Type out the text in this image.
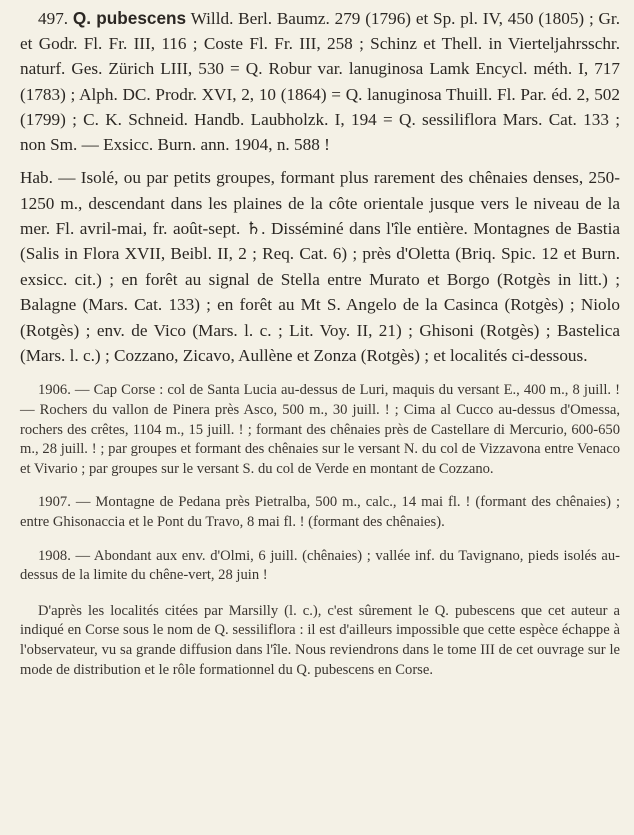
497. Q. pubescens Willd. Berl. Baumz. 279 (1796) et Sp. pl. IV, 450 (1805) ; Gr. et Godr. Fl. Fr. III, 116 ; Coste Fl. Fr. III, 258 ; Schinz et Thell. in Vierteljahrsschr. naturf. Ges. Zürich LIII, 530 = Q. Robur var. lanuginosa Lamk Encycl. méth. I, 717 (1783) ; Alph. DC. Prodr. XVI, 2, 10 (1864) = Q. lanuginosa Thuill. Fl. Par. éd. 2, 502 (1799) ; C. K. Schneid. Handb. Laubholzk. I, 194 = Q. sessiliflora Mars. Cat. 133 ; non Sm. — Exsicc. Burn. ann. 1904, n. 588 !

Hab. — Isolé, ou par petits groupes, formant plus rarement des chênaies denses, 250-1250 m., descendant dans les plaines de la côte orientale jusque vers le niveau de la mer. Fl. avril-mai, fr. août-sept. ♄. Disséminé dans l'île entière. Montagnes de Bastia (Salis in Flora XVII, Beibl. II, 2 ; Req. Cat. 6) ; près d'Oletta (Briq. Spic. 12 et Burn. exsicc. cit.) ; en forêt au signal de Stella entre Murato et Borgo (Rotgès in litt.) ; Balagne (Mars. Cat. 133) ; en forêt au Mt S. Angelo de la Casinca (Rotgès) ; Niolo (Rotgès) ; env. de Vico (Mars. l. c. ; Lit. Voy. II, 21) ; Ghisoni (Rotgès) ; Bastelica (Mars. l. c.) ; Cozzano, Zicavo, Aullène et Zonza (Rotgès) ; et localités ci-dessous.

1906. — Cap Corse : col de Santa Lucia au-dessus de Luri, maquis du versant E., 400 m., 8 juill. ! — Rochers du vallon de Pinera près Asco, 500 m., 30 juill. ! ; Cima al Cucco au-dessus d'Omessa, rochers des crêtes, 1104 m., 15 juill. ! ; formant des chênaies près de Castellare di Mercurio, 600-650 m., 28 juill. ! ; par groupes et formant des chênaies sur le versant N. du col de Vizzavona entre Venaco et Vivario ; par groupes sur le versant S. du col de Verde en montant de Cozzano.

1907. — Montagne de Pedana près Pietralba, 500 m., calc., 14 mai fl. ! (formant des chênaies) ; entre Ghisonaccia et le Pont du Travo, 8 mai fl. ! (formant des chênaies).

1908. — Abondant aux env. d'Olmi, 6 juill. (chênaies) ; vallée inf. du Tavignano, pieds isolés au-dessus de la limite du chêne-vert, 28 juin !

D'après les localités citées par Marsilly (l. c.), c'est sûrement le Q. pubescens que cet auteur a indiqué en Corse sous le nom de Q. sessiliflora : il est d'ailleurs impossible que cette espèce échappe à l'observateur, vu sa grande diffusion dans l'île. Nous reviendrons dans le tome III de cet ouvrage sur le mode de distribution et le rôle formationnel du Q. pubescens en Corse.
